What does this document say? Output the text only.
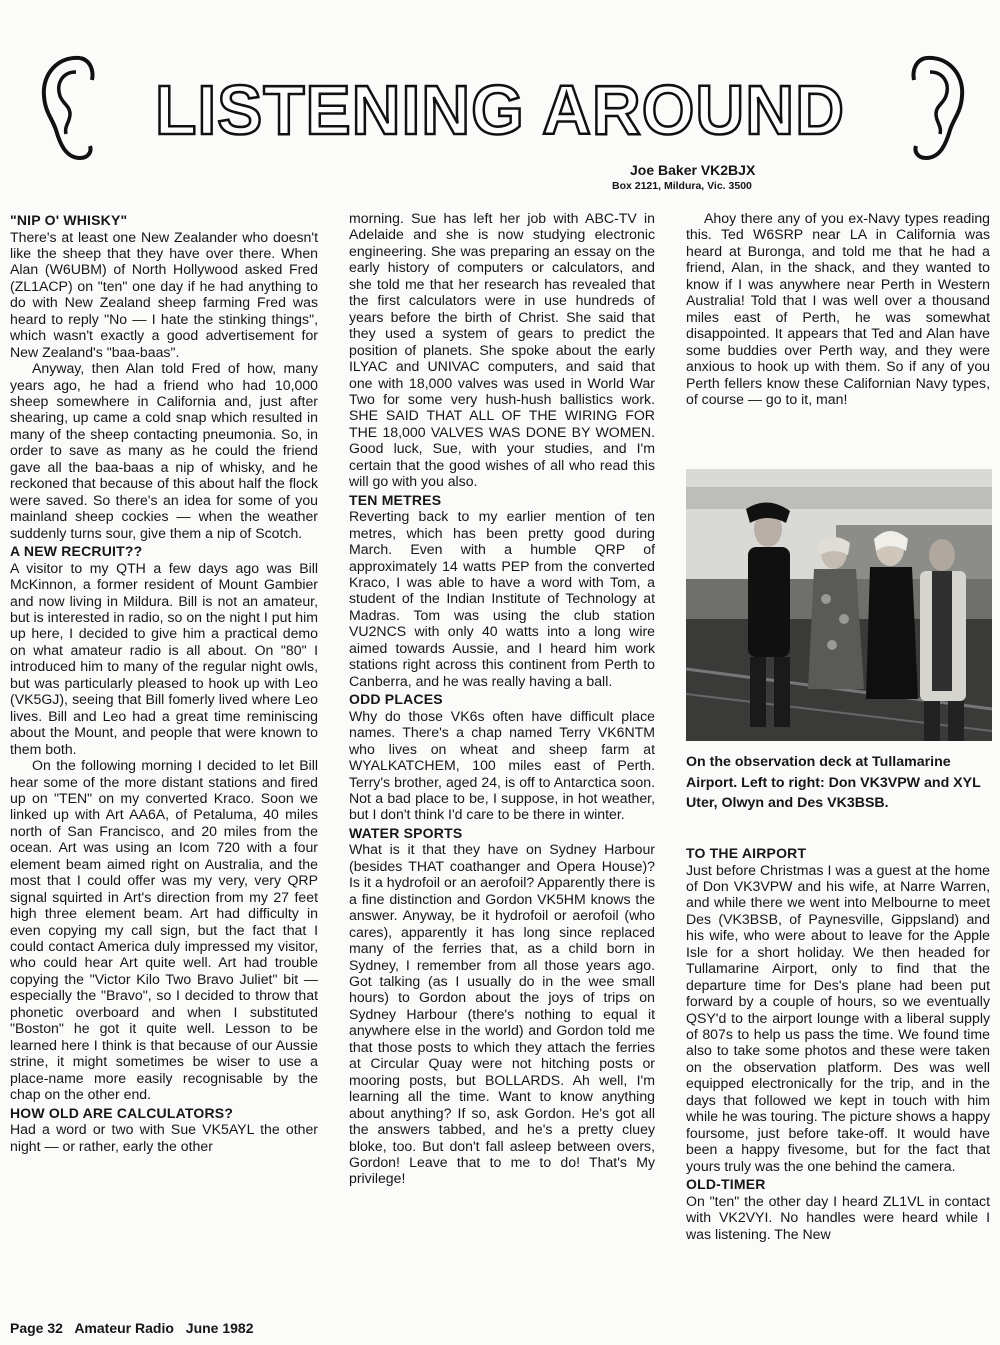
LISTENING AROUND
Joe Baker VK2BJX
Box 2121, Mildura, Vic. 3500
"NIP O' WHISKY"

There's at least one New Zealander who doesn't like the sheep that they have over there. When Alan (W6UBM) of North Hollywood asked Fred (ZL1ACP) on "ten" one day if he had anything to do with New Zealand sheep farming Fred was heard to reply "No — I hate the stinking things", which wasn't exactly a good advertisement for New Zealand's "baa-baas".

Anyway, then Alan told Fred of how, many years ago, he had a friend who had 10,000 sheep somewhere in California and, just after shearing, up came a cold snap which resulted in many of the sheep contacting pneumonia. So, in order to save as many as he could the friend gave all the baa-baas a nip of whisky, and he reckoned that because of this about half the flock were saved. So there's an idea for some of you mainland sheep cockies — when the weather suddenly turns sour, give them a nip of Scotch.

A NEW RECRUIT??

A visitor to my QTH a few days ago was Bill McKinnon, a former resident of Mount Gambier and now living in Mildura. Bill is not an amateur, but is interested in radio, so on the night I put him up here, I decided to give him a practical demo on what amateur radio is all about. On "80" I introduced him to many of the regular night owls, but was particularly pleased to hook up with Leo (VK5GJ), seeing that Bill fomerly lived where Leo lives. Bill and Leo had a great time reminiscing about the Mount, and people that were known to them both.

On the following morning I decided to let Bill hear some of the more distant stations and fired up on "TEN" on my converted Kraco. Soon we linked up with Art AA6A, of Petaluma, 40 miles north of San Francisco, and 20 miles from the ocean. Art was using an Icom 720 with a four element beam aimed right on Australia, and the most that I could offer was my very, very QRP signal squirted in Art's direction from my 27 feet high three element beam. Art had difficulty in even copying my call sign, but the fact that I could contact America duly impressed my visitor, who could hear Art quite well. Art had trouble copying the "Victor Kilo Two Bravo Juliet" bit — especially the "Bravo", so I decided to throw that phonetic overboard and when I substituted "Boston" he got it quite well. Lesson to be learned here I think is that because of our Aussie strine, it might sometimes be wiser to use a place-name more easily recognisable by the chap on the other end.

HOW OLD ARE CALCULATORS?

Had a word or two with Sue VK5AYL the other night — or rather, early the other

morning. Sue has left her job with ABC-TV in Adelaide and she is now studying electronic engineering. She was preparing an essay on the early history of computers or calculators, and she told me that her research has revealed that the first calculators were in use hundreds of years before the birth of Christ. She said that they used a system of gears to predict the position of planets. She spoke about the early ILYAC and UNIVAC computers, and said that one with 18,000 valves was used in World War Two for some very hush-hush ballistics work. SHE SAID THAT ALL OF THE WIRING FOR THE 18,000 VALVES WAS DONE BY WOMEN. Good luck, Sue, with your studies, and I'm certain that the good wishes of all who read this will go with you also.

TEN METRES

Reverting back to my earlier mention of ten metres, which has been pretty good during March. Even with a humble QRP of approximately 14 watts PEP from the converted Kraco, I was able to have a word with Tom, a student of the Indian Institute of Technology at Madras. Tom was using the club station VU2NCS with only 40 watts into a long wire aimed towards Aussie, and I heard him work stations right across this continent from Perth to Canberra, and he was really having a ball.

ODD PLACES

Why do those VK6s often have difficult place names. There's a chap named Terry VK6NTM who lives on wheat and sheep farm at WYALKATCHEM, 100 miles east of Perth. Terry's brother, aged 24, is off to Antarctica soon. Not a bad place to be, I suppose, in hot weather, but I don't think I'd care to be there in winter.

WATER SPORTS

What is it that they have on Sydney Harbour (besides THAT coathanger and Opera House)? Is it a hydrofoil or an aerofoil? Apparently there is a fine distinction and Gordon VK5HM knows the answer. Anyway, be it hydrofoil or aerofoil (who cares), apparently it has long since replaced many of the ferries that, as a child born in Sydney, I remember from all those years ago. Got talking (as I usually do in the wee small hours) to Gordon about the joys of trips on Sydney Harbour (there's nothing to equal it anywhere else in the world) and Gordon told me that those posts to which they attach the ferries at Circular Quay were not hitching posts or mooring posts, but BOLLARDS. Ah well, I'm learning all the time. Want to know anything about anything? If so, ask Gordon. He's got all the answers tabbed, and he's a pretty cluey bloke, too. But don't fall asleep between overs, Gordon! Leave that to me to do! That's My privilege!

Ahoy there any of you ex-Navy types reading this. Ted W6SRP near LA in California was heard at Buronga, and told me that he had a friend, Alan, in the shack, and they wanted to know if I was anywhere near Perth in Western Australia! Told that I was well over a thousand miles east of Perth, he was somewhat disappointed. It appears that Ted and Alan have some buddies over Perth way, and they were anxious to hook up with them. So if any of you Perth fellers know these Californian Navy types, of course — go to it, man!

On the observation deck at Tullamarine Airport. Left to right: Don VK3VPW and XYL Uter, Olwyn and Des VK3BSB.
TO THE AIRPORT

Just before Christmas I was a guest at the home of Don VK3VPW and his wife, at Narre Warren, and while there we went into Melbourne to meet Des (VK3BSB, of Paynesville, Gippsland) and his wife, who were about to leave for the Apple Isle for a short holiday. We then headed for Tullamarine Airport, only to find that the departure time for Des's plane had been put forward by a couple of hours, so we eventually QSY'd to the airport lounge with a liberal supply of 807s to help us pass the time. We found time also to take some photos and these were taken on the observation platform. Des was well equipped electronically for the trip, and in the days that followed we kept in touch with him while he was touring. The picture shows a happy foursome, just before take-off. It would have been a happy fivesome, but for the fact that yours truly was the one behind the camera.

OLD-TIMER

On "ten" the other day I heard ZL1VL in contact with VK2VYI. No handles were heard while I was listening. The New

Page 32 Amateur Radio June 1982
